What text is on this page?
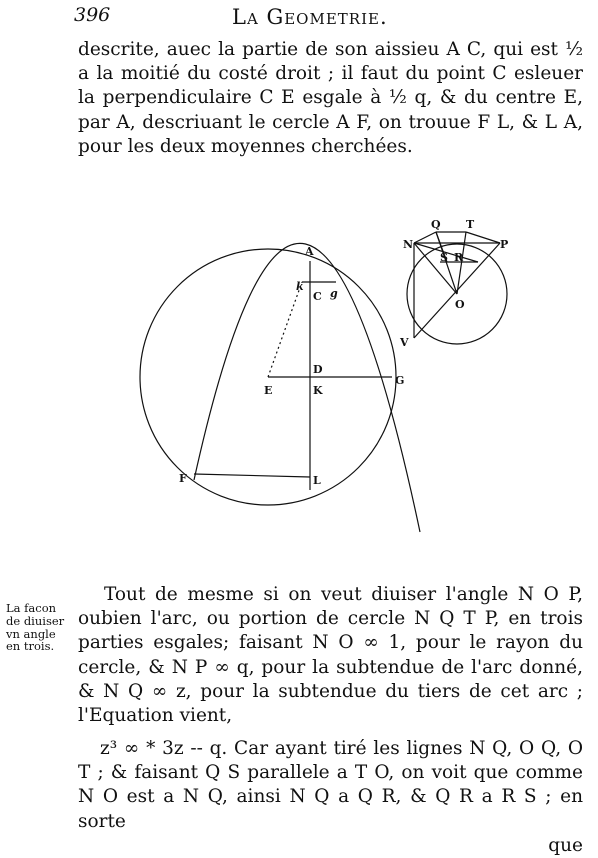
396	La Geometrie.
descrite, auec la partie de son aissieu A C, qui est ½ a la moitié du costé droit ; il faut du point C esleuer la perpendiculaire C E esgale à ½ q, & du centre E, par A, descriuant le cercle A F, on trouue F L, & L A, pour les deux moyennes cherchées.
A
k
C g
D
E	K
G
F	L
N
Q T
P
S R
O
V
La facon
de diuiser
vn angle
en trois.
Tout de mesme si on veut diuiser l'angle N O P, oubien l'arc, ou portion de cercle N Q T P, en trois parties esgales; faisant N O ∞ 1, pour le rayon du cercle, & N P ∞ q, pour la subtendue de l'arc donné, & N Q ∞ z, pour la subtendue du tiers de cet arc ; l'Equation vient,
z³ ∞ * 3z -- q. Car ayant tiré les lignes N Q, O Q, O T ; & faisant Q S parallele a T O, on voit que comme N O est a N Q, ainsi N Q a Q R, & Q R a R S ; en sorte
que
